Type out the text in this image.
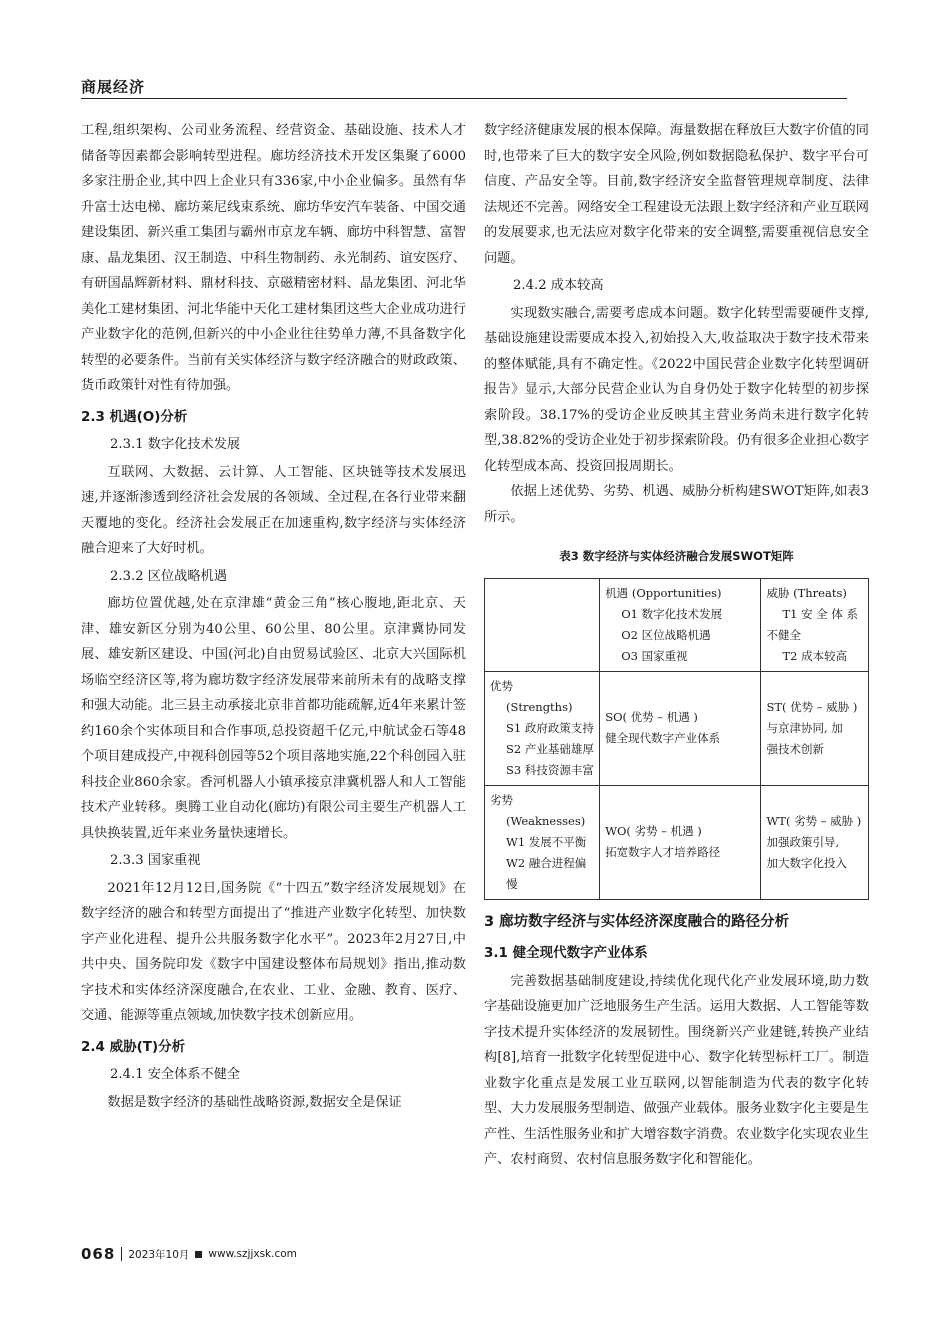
商展经济

工程,组织架构、公司业务流程、经营资金、基础设施、技术人才储备等因素都会影响转型进程。廊坊经济技术开发区集聚了6000多家注册企业,其中四上企业只有336家,中小企业偏多。虽然有华升富士达电梯、廊坊莱尼线束系统、廊坊华安汽车装备、中国交通建设集团、新兴重工集团与霸州市京龙车辆、廊坊中科智慧、富智康、晶龙集团、汉王制造、中科生物制药、永光制药、谊安医疗、有研国晶辉新材料、鼎材科技、京磁精密材料、晶龙集团、河北华美化工建材集团、河北华能中天化工建材集团这些大企业成功进行产业数字化的范例,但新兴的中小企业往往势单力薄,不具备数字化转型的必要条件。当前有关实体经济与数字经济融合的财政政策、货币政策针对性有待加强。

2.3 机遇(O)分析
2.3.1 数字化技术发展

互联网、大数据、云计算、人工智能、区块链等技术发展迅速,并逐渐渗透到经济社会发展的各领域、全过程,在各行业带来翻天覆地的变化。经济社会发展正在加速重构,数字经济与实体经济融合迎来了大好时机。

2.3.2 区位战略机遇

廊坊位置优越,处在京津雄“黄金三角”核心腹地,距北京、天津、雄安新区分别为40公里、60公里、80公里。京津冀协同发展、雄安新区建设、中国(河北)自由贸易试验区、北京大兴国际机场临空经济区等,将为廊坊数字经济发展带来前所未有的战略支撑和强大动能。北三县主动承接北京非首都功能疏解,近4年来累计签约160余个实体项目和合作事项,总投资超千亿元,中航试金石等48个项目建成投产,中视科创园等52个项目落地实施,22个科创园入驻科技企业860余家。香河机器人小镇承接京津冀机器人和人工智能技术产业转移。奥腾工业自动化(廊坊)有限公司主要生产机器人工具快换装置,近年来业务量快速增长。

2.3.3 国家重视

2021年12月12日,国务院《“十四五”数字经济发展规划》在数字经济的融合和转型方面提出了“推进产业数字化转型、加快数字产业化进程、提升公共服务数字化水平”。2023年2月27日,中共中央、国务院印发《数字中国建设整体布局规划》指出,推动数字技术和实体经济深度融合,在农业、工业、金融、教育、医疗、交通、能源等重点领域,加快数字技术创新应用。

2.4 威胁(T)分析
2.4.1 安全体系不健全

数据是数字经济的基础性战略资源,数据安全是保证

数字经济健康发展的根本保障。海量数据在释放巨大数字价值的同时,也带来了巨大的数字安全风险,例如数据隐私保护、数字平台可信度、产品安全等。目前,数字经济安全监督管理规章制度、法律法规还不完善。网络安全工程建设无法跟上数字经济和产业互联网的发展要求,也无法应对数字化带来的安全调整,需要重视信息安全问题。

2.4.2 成本较高

实现数实融合,需要考虑成本问题。数字化转型需要硬件支撑,基础设施建设需要成本投入,初始投入大,收益取决于数字技术带来的整体赋能,具有不确定性。《2022中国民营企业数字化转型调研报告》显示,大部分民营企业认为自身仍处于数字化转型的初步探索阶段。38.17%的受访企业反映其主营业务尚未进行数字化转型,38.82%的受访企业处于初步探索阶段。仍有很多企业担心数字化转型成本高、投资回报周期长。

依据上述优势、劣势、机遇、威胁分析构建SWOT矩阵,如表3所示。

表3 数字经济与实体经济融合发展SWOT矩阵
	机遇 (Opportunities)
O1 数字化技术发展
O2 区位战略机遇
O3 国家重视	威胁 (Threats)
T1 安 全 体 系
不健全
T2 成本较高

优势
(Strengths)
S1 政府政策支持
S2 产业基础雄厚
S3 科技资源丰富	SO( 优势 – 机遇 )
健全现代数字产业体系	ST( 优势 – 威胁 )
与京津协同, 加
强技术创新

劣势
(Weaknesses)
W1 发展不平衡
W2 融合进程偏慢	WO( 劣势 – 机遇 )
拓宽数字人才培养路径	WT( 劣势 – 威胁 )
加强政策引导,
加大数字化投入
3 廊坊数字经济与实体经济深度融合的路径分析
3.1 健全现代数字产业体系

完善数据基础制度建设,持续优化现代化产业发展环境,助力数字基础设施更加广泛地服务生产生活。运用大数据、人工智能等数字技术提升实体经济的发展韧性。围绕新兴产业建链,转换产业结构[8],培育一批数字化转型促进中心、数字化转型标杆工厂。制造业数字化重点是发展工业互联网,以智能制造为代表的数字化转型、大力发展服务型制造、做强产业载体。服务业数字化主要是生产性、生活性服务业和扩大增容数字消费。农业数字化实现农业生产、农村商贸、农村信息服务数字化和智能化。

068 2023年10月 www.szjjxsk.com
